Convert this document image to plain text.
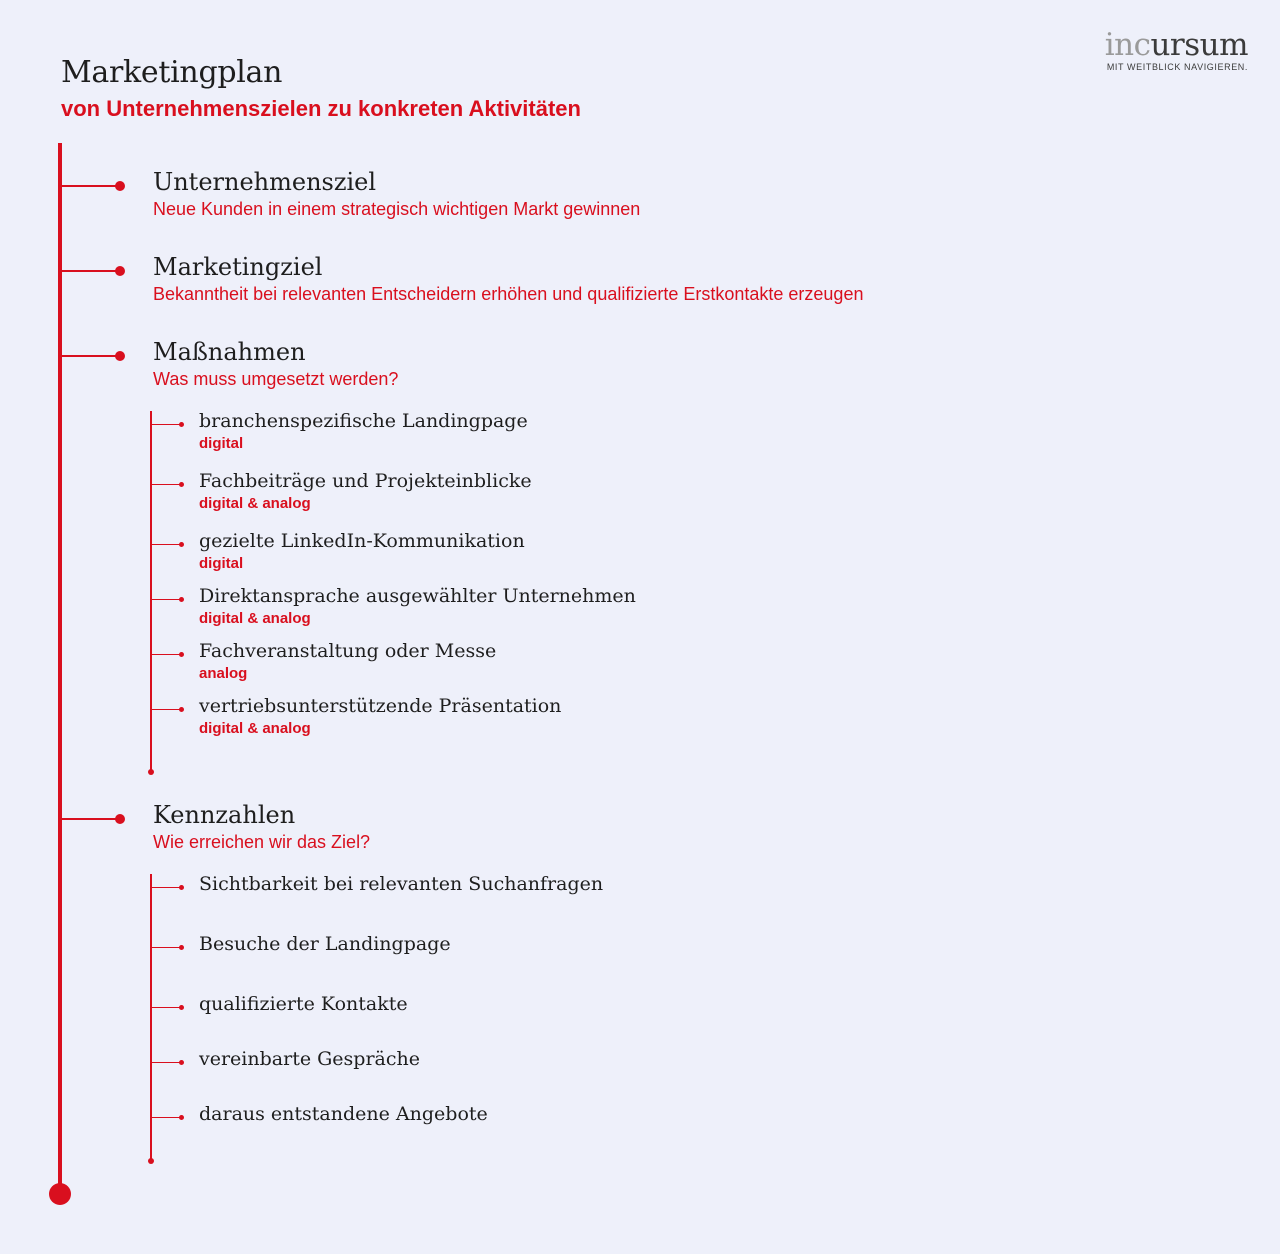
Marketingplan
von Unternehmenszielen zu konkreten Aktivitäten
incursum
MIT WEITBLICK NAVIGIEREN.
Unternehmensziel
Neue Kunden in einem strategisch wichtigen Markt gewinnen
Marketingziel
Bekanntheit bei relevanten Entscheidern erhöhen und qualifizierte Erstkontakte erzeugen
Maßnahmen
Was muss umgesetzt werden?
branchenspezifische Landingpage
digital
Fachbeiträge und Projekteinblicke
digital & analog
gezielte LinkedIn-Kommunikation
digital
Direktansprache ausgewählter Unternehmen
digital & analog
Fachveranstaltung oder Messe
analog
vertriebsunterstützende Präsentation
digital & analog
Kennzahlen
Wie erreichen wir das Ziel?
Sichtbarkeit bei relevanten Suchanfragen
Besuche der Landingpage
qualifizierte Kontakte
vereinbarte Gespräche
daraus entstandene Angebote
